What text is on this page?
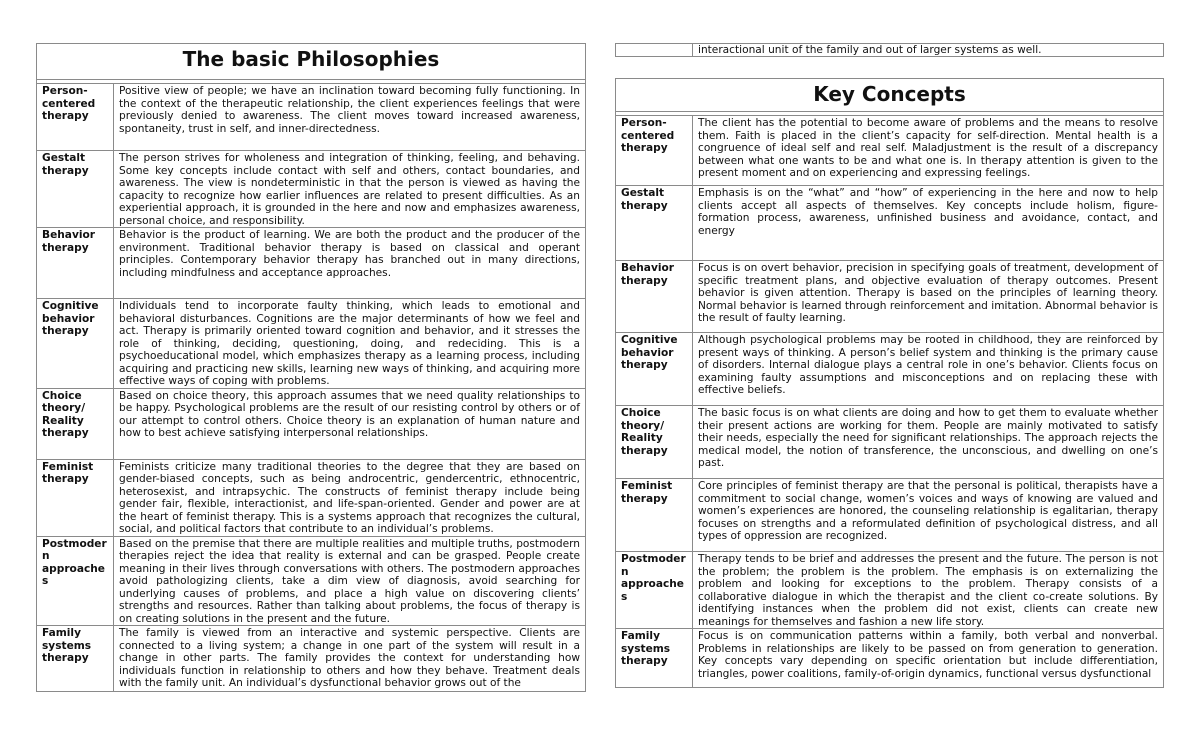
The basic Philosophies	

Person-centered therapy	Positive view of people; we have an inclination toward becoming fully functioning. In the context of the therapeutic relationship, the client experiences feelings that were previously denied to awareness. The client moves toward increased awareness, spontaneity, trust in self, and inner-directedness.
Gestalt therapy	The person strives for wholeness and integration of thinking, feeling, and behaving. Some key concepts include contact with self and others, contact boundaries, and awareness. The view is nondeterministic in that the person is viewed as having the capacity to recognize how earlier influences are related to present difficulties. As an experiential approach, it is grounded in the here and now and emphasizes awareness, personal choice, and responsibility.
Behavior therapy	Behavior is the product of learning. We are both the product and the producer of the environment. Traditional behavior therapy is based on classical and operant principles. Contemporary behavior therapy has branched out in many directions, including mindfulness and acceptance approaches.
Cognitive behavior therapy	Individuals tend to incorporate faulty thinking, which leads to emotional and behavioral disturbances. Cognitions are the major determinants of how we feel and act. Therapy is primarily oriented toward cognition and behavior, and it stresses the role of thinking, deciding, questioning, doing, and redeciding. This is a psychoeducational model, which emphasizes therapy as a learning process, including acquiring and practicing new skills, learning new ways of thinking, and acquiring more effective ways of coping with problems.
Choice theory/ Reality therapy	Based on choice theory, this approach assumes that we need quality relationships to be happy. Psychological problems are the result of our resisting control by others or of our attempt to control others. Choice theory is an explanation of human nature and how to best achieve satisfying interpersonal relationships.
Feminist therapy	Feminists criticize many traditional theories to the degree that they are based on gender-biased concepts, such as being androcentric, gendercentric, ethnocentric, heterosexist, and intrapsychic. The constructs of feminist therapy include being gender fair, flexible, interactionist, and life-span-oriented. Gender and power are at the heart of feminist therapy. This is a systems approach that recognizes the cultural, social, and political factors that contribute to an individual’s problems.
Postmodern approaches	Based on the premise that there are multiple realities and multiple truths, postmodern therapies reject the idea that reality is external and can be grasped. People create meaning in their lives through conversations with others. The postmodern approaches avoid pathologizing clients, take a dim view of diagnosis, avoid searching for underlying causes of problems, and place a high value on discovering clients’ strengths and resources. Rather than talking about problems, the focus of therapy is on creating solutions in the present and the future.
Family systems therapy	The family is viewed from an interactive and systemic perspective. Clients are connected to a living system; a change in one part of the system will result in a change in other parts. The family provides the context for understanding how individuals function in relationship to others and how they behave. Treatment deals with the family unit. An individual’s dysfunctional behavior grows out of the
	interactional unit of the family and out of larger systems as well.
Key Concepts	

Person-centered therapy	The client has the potential to become aware of problems and the means to resolve them. Faith is placed in the client’s capacity for self-direction. Mental health is a congruence of ideal self and real self. Maladjustment is the result of a discrepancy between what one wants to be and what one is. In therapy attention is given to the present moment and on experiencing and expressing feelings.
Gestalt therapy	Emphasis is on the “what” and “how” of experiencing in the here and now to help clients accept all aspects of themselves. Key concepts include holism, figure-formation process, awareness, unfinished business and avoidance, contact, and energy
Behavior therapy	Focus is on overt behavior, precision in specifying goals of treatment, development of specific treatment plans, and objective evaluation of therapy outcomes. Present behavior is given attention. Therapy is based on the principles of learning theory. Normal behavior is learned through reinforcement and imitation. Abnormal behavior is the result of faulty learning.
Cognitive behavior therapy	Although psychological problems may be rooted in childhood, they are reinforced by present ways of thinking. A person’s belief system and thinking is the primary cause of disorders. Internal dialogue plays a central role in one’s behavior. Clients focus on examining faulty assumptions and misconceptions and on replacing these with effective beliefs.
Choice theory/ Reality therapy	The basic focus is on what clients are doing and how to get them to evaluate whether their present actions are working for them. People are mainly motivated to satisfy their needs, especially the need for significant relationships. The approach rejects the medical model, the notion of transference, the unconscious, and dwelling on one’s past.
Feminist therapy	Core principles of feminist therapy are that the personal is political, therapists have a commitment to social change, women’s voices and ways of knowing are valued and women’s experiences are honored, the counseling relationship is egalitarian, therapy focuses on strengths and a reformulated definition of psychological distress, and all types of oppression are recognized.
Postmodern approaches	Therapy tends to be brief and addresses the present and the future. The person is not the problem; the problem is the problem. The emphasis is on externalizing the problem and looking for exceptions to the problem. Therapy consists of a collaborative dialogue in which the therapist and the client co-create solutions. By identifying instances when the problem did not exist, clients can create new meanings for themselves and fashion a new life story.
Family systems therapy	Focus is on communication patterns within a family, both verbal and nonverbal. Problems in relationships are likely to be passed on from generation to generation. Key concepts vary depending on specific orientation but include differentiation, triangles, power coalitions, family-of-origin dynamics, functional versus dysfunctional
